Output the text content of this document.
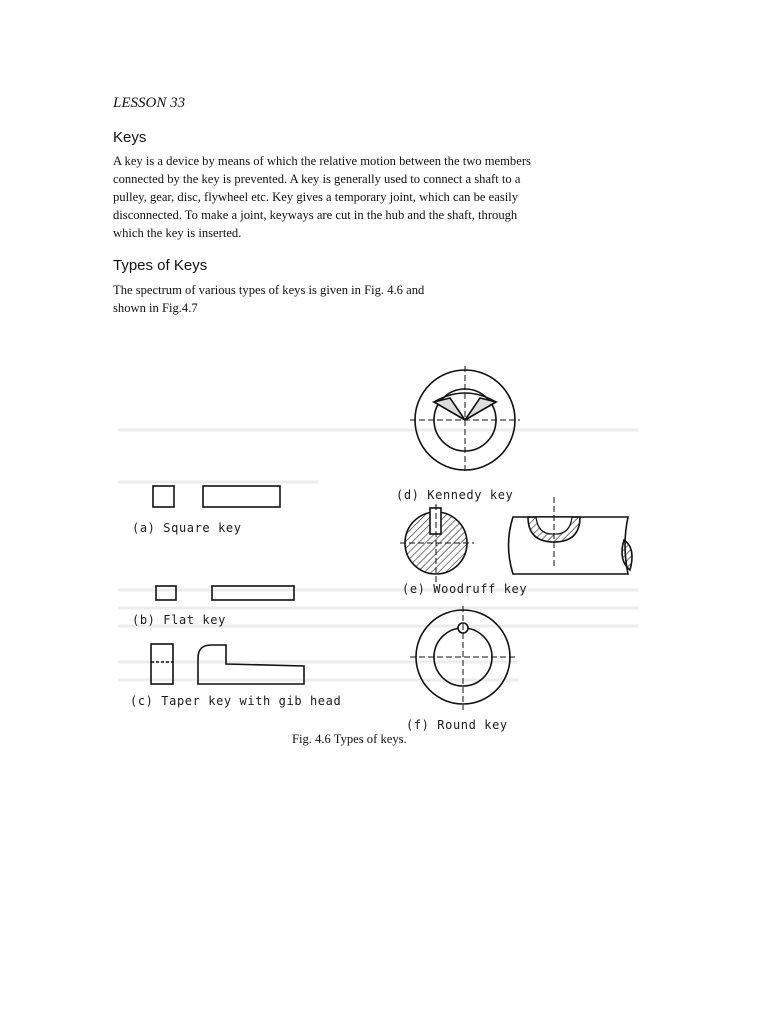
LESSON 33

Keys

A key is a device by means of which the relative motion between the two members
connected by the key is prevented. A key is generally used to connect a shaft to a
pulley, gear, disc, flywheel etc. Key gives a temporary joint, which can be easily
disconnected. To make a joint, keyways are cut in the hub and the shaft, through
which the key is inserted.

Types of Keys

The spectrum of various types of keys is given in Fig. 4.6 and
shown in Fig.4.7

(a) Square key
(b) Flat key
(c) Taper key with gib head
(d) Kennedy key
(e) Woodruff key
(f) Round key

Fig. 4.6 Types of keys.
